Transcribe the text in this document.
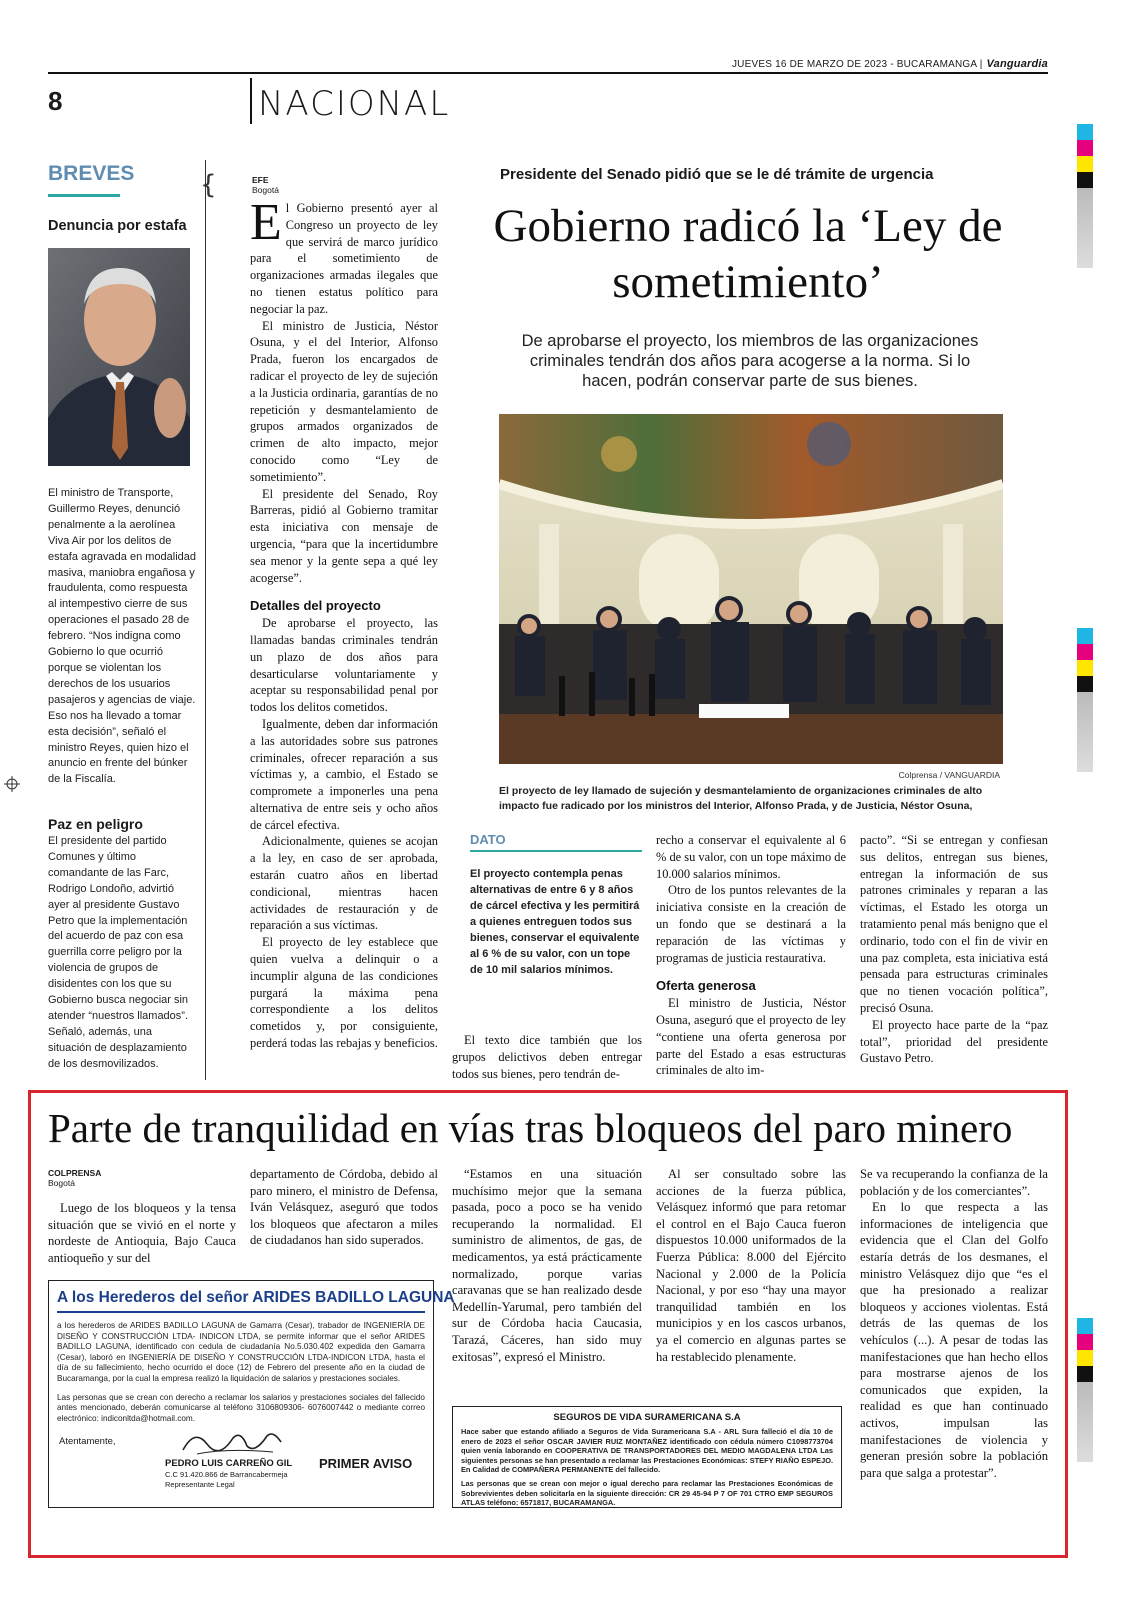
JUEVES 16 DE MARZO DE 2023 - BUCARAMANGA | Vanguardia
8	NACIONAL
BREVES
Denuncia por estafa
El ministro de Transporte, Guillermo Reyes, denunció penalmente a la aerolínea Viva Air por los delitos de estafa agravada en modalidad masiva, maniobra engañosa y fraudulenta, como respuesta al intempestivo cierre de sus operaciones el pasado 28 de febrero. “Nos indigna como Gobierno lo que ocurrió porque se violentan los derechos de los usuarios pasajeros y agencias de viaje. Eso nos ha llevado a tomar esta decisión”, señaló el ministro Reyes, quien hizo el anuncio en frente del búnker de la Fiscalía.
Paz en peligro
El presidente del partido Comunes y último comandante de las Farc, Rodrigo Londoño, advirtió ayer al presidente Gustavo Petro que la implementación del acuerdo de paz con esa guerrilla corre peligro por la violencia de grupos de disidentes con los que su Gobierno busca negociar sin atender “nuestros llamados”. Señaló, además, una situación de desplazamiento de los desmovilizados.
{	EFE
Bogotá

El Gobierno presentó ayer al Congreso un proyecto de ley que servirá de marco jurídico para el sometimiento de organizaciones armadas ilegales que no tienen estatus político para negociar la paz.

El ministro de Justicia, Néstor Osuna, y el del Interior, Alfonso Prada, fueron los encargados de radicar el proyecto de ley de sujeción a la Justicia ordinaria, garantías de no repetición y desmantelamiento de grupos armados organizados de crimen de alto impacto, mejor conocido como “Ley de sometimiento”.

El presidente del Senado, Roy Barreras, pidió al Gobierno tramitar esta iniciativa con mensaje de urgencia, “para que la incertidumbre sea menor y la gente sepa a qué ley acogerse”.

Detalles del proyecto

De aprobarse el proyecto, las llamadas bandas criminales tendrán un plazo de dos años para desarticularse voluntariamente y aceptar su responsabilidad penal por todos los delitos cometidos.

Igualmente, deben dar información a las autoridades sobre sus patrones criminales, ofrecer reparación a sus víctimas y, a cambio, el Estado se compromete a imponerles una pena alternativa de entre seis y ocho años de cárcel efectiva.

Adicionalmente, quienes se acojan a la ley, en caso de ser aprobada, estarán cuatro años en libertad condicional, mientras hacen actividades de restauración y de reparación a sus víctimas.

El proyecto de ley establece que quien vuelva a delinquir o a incumplir alguna de las condiciones purgará la máxima pena correspondiente a los delitos cometidos y, por consiguiente, perderá todas las rebajas y beneficios.

Presidente del Senado pidió que se le dé trámite de urgencia
Gobierno radicó la ‘Ley de sometimiento’
De aprobarse el proyecto, los miembros de las organizaciones criminales tendrán dos años para acogerse a la norma. Si lo hacen, podrán conservar parte de sus bienes.
Colprensa / VANGUARDIA
El proyecto de ley llamado de sujeción y desmantelamiento de organizaciones criminales de alto impacto fue radicado por los ministros del Interior, Alfonso Prada, y de Justicia, Néstor Osuna,
DATO
El proyecto contempla penas alternativas de entre 6 y 8 años de cárcel efectiva y les permitirá a quienes entreguen todos sus bienes, conservar el equivalente al 6 % de su valor, con un tope de 10 mil salarios mínimos.

El texto dice también que los grupos delictivos deben entregar todos sus bienes, pero tendrán de-

recho a conservar el equivalente al 6 % de su valor, con un tope máximo de 10.000 salarios mínimos.

Otro de los puntos relevantes de la iniciativa consiste en la creación de un fondo que se destinará a la reparación de las víctimas y programas de justicia restaurativa.

Oferta generosa

El ministro de Justicia, Néstor Osuna, aseguró que el proyecto de ley “contiene una oferta generosa por parte del Estado a esas estructuras criminales de alto im-

pacto”. “Si se entregan y confiesan sus delitos, entregan sus bienes, entregan la información de sus patrones criminales y reparan a las víctimas, el Estado les otorga un tratamiento penal más benigno que el ordinario, todo con el fin de vivir en una paz completa, esta iniciativa está pensada para estructuras criminales que no tienen vocación política”, precisó Osuna.

El proyecto hace parte de la “paz total”, prioridad del presidente Gustavo Petro.

Parte de tranquilidad en vías tras bloqueos del paro minero
COLPRENSA
Bogotá

Luego de los bloqueos y la tensa situación que se vivió en el norte y nordeste de Antioquia, Bajo Cauca antioqueño y sur del

departamento de Córdoba, debido al paro minero, el ministro de Defensa, Iván Velásquez, aseguró que todos los bloqueos que afectaron a miles de ciudadanos han sido superados.

“Estamos en una situación muchísimo mejor que la semana pasada, poco a poco se ha venido recuperando la normalidad. El suministro de alimentos, de gas, de medicamentos, ya está prácticamente normalizado, porque varias caravanas que se han realizado desde Medellín-Yarumal, pero también del sur de Córdoba hacia Caucasia, Tarazá, Cáceres, han sido muy exitosas”, expresó el Ministro.

Al ser consultado sobre las acciones de la fuerza pública, Velásquez informó que para retomar el control en el Bajo Cauca fueron dispuestos 10.000 uniformados de la Fuerza Pública: 8.000 del Ejército Nacional y 2.000 de la Policía Nacional, y por eso “hay una mayor tranquilidad también en los municipios y en los cascos urbanos, ya el comercio en algunas partes se ha restablecido plenamente.

Se va recuperando la confianza de la población y de los comerciantes”.

En lo que respecta a las informaciones de inteligencia que evidencia que el Clan del Golfo estaría detrás de los desmanes, el ministro Velásquez dijo que “es el que ha presionado a realizar bloqueos y acciones violentas. Está detrás de las quemas de los vehículos (...). A pesar de todas las manifestaciones que han hecho ellos para mostrarse ajenos de los comunicados que expiden, la realidad es que han continuado activos, impulsan las manifestaciones de violencia y generan presión sobre la población para que salga a protestar”.

A los Herederos del señor ARIDES BADILLO LAGUNA
a los herederos de ARIDES BADILLO LAGUNA de Gamarra (Cesar), trabador de INGENIERÍA DE DISEÑO Y CONSTRUCCIÓN LTDA- INDICON LTDA, se permite informar que el señor ARIDES BADILLO LAGUNA, identificado con cedula de ciudadanía No.5.030.402 expedida den Gamarra (Cesar), laboró en INGENIERÍA DE DISEÑO Y CONSTRUCCIÓN LTDA-INDICON LTDA, hasta el día de su fallecimiento, hecho ocurrido el doce (12) de Febrero del presente año en la ciudad de Bucaramanga, por la cual la empresa realizó la liquidación de salarios y prestaciones sociales.
Las personas que se crean con derecho a reclamar los salarios y prestaciones sociales del fallecido antes mencionado, deberán comunicarse al teléfono 3106809306- 6076007442 o mediante correo electrónico: indiconltda@hotmail.com.
Atentamente,
PEDRO LUIS CARREÑO GIL
C.C 91.420.866 de Barrancabermeja
Representante Legal
PRIMER AVISO
SEGUROS DE VIDA SURAMERICANA S.A
Hace saber que estando afiliado a Seguros de Vida Suramericana S.A - ARL Sura falleció el día 10 de enero de 2023 el señor OSCAR JAVIER RUIZ MONTAÑEZ identificado con cédula número C1098773704 quien venía laborando en COOPERATIVA DE TRANSPORTADORES DEL MEDIO MAGDALENA LTDA Las siguientes personas se han presentado a reclamar las Prestaciones Económicas: STEFY RIAÑO ESPEJO. En Calidad de COMPAÑERA PERMANENTE del fallecido.
Las personas que se crean con mejor o igual derecho para reclamar las Prestaciones Económicas de Sobrevivientes deben solicitarla en la siguiente dirección: CR 29 45-94 P 7 OF 701 CTRO EMP SEGUROS ATLAS teléfono: 6571817, BUCARAMANGA.
